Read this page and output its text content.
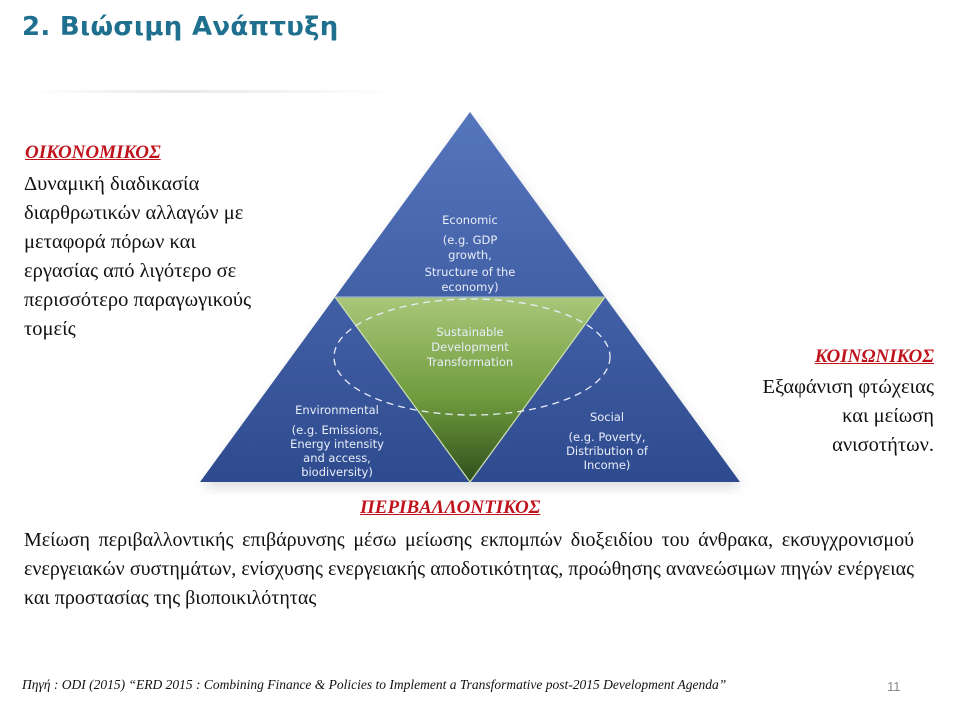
2. Βιώσιμη Ανάπτυξη
ΟΙΚΟΝΟΜΙΚΟΣ
Δυναμική διαδικασία
διαρθρωτικών αλλαγών με
μεταφορά πόρων και
εργασίας από λιγότερο σε
περισσότερο παραγωγικούς
τομείς
Economic
(e.g. GDP
growth,
Structure of the
economy)
Sustainable
Development
Transformation
Environmental
(e.g. Emissions,
Energy intensity
and access,
biodiversity)
Social
(e.g. Poverty,
Distribution of
Income)
ΚΟΙΝΩΝΙΚΟΣ
Εξαφάνιση φτώχειας
και μείωση
ανισοτήτων.
ΠΕΡΙΒΑΛΛΟΝΤΙΚΟΣ
Μείωση περιβαλλοντικής επιβάρυνσης μέσω μείωσης εκπομπών διοξειδίου του άνθρακα, εκσυγχρονισμού ενεργειακών συστημάτων, ενίσχυσης ενεργειακής αποδοτικότητας, προώθησης ανανεώσιμων πηγών ενέργειας και προστασίας της βιοποικιλότητας
Πηγή : ODI (2015) “ERD 2015 : Combining Finance & Policies to Implement a Transformative post-2015 Development Agenda”	11
